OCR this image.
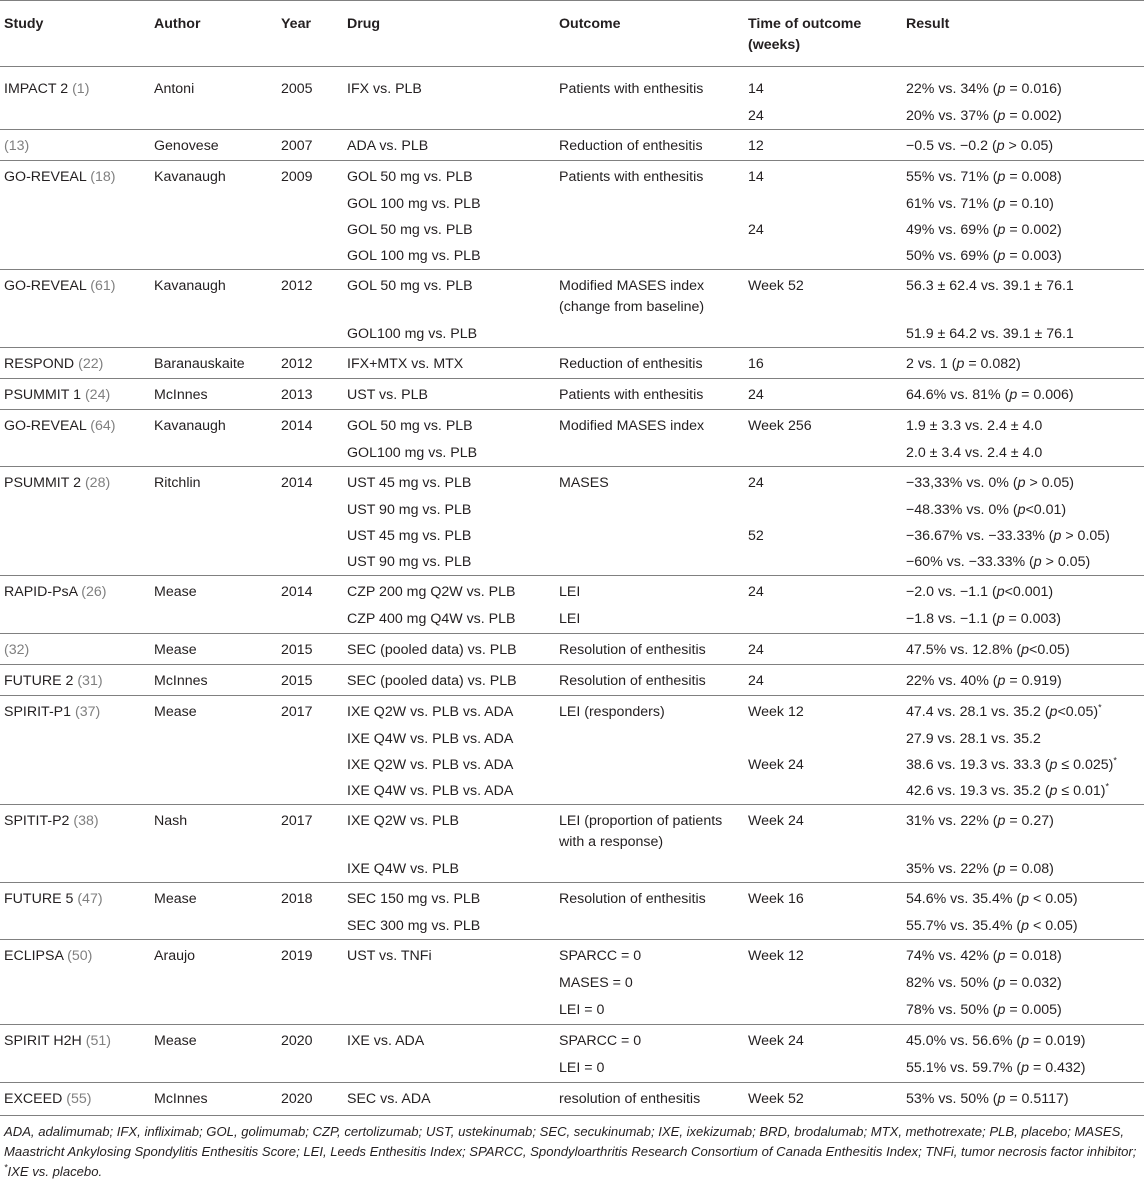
Study	Author	Year	Drug	Outcome	Time of outcome (weeks)	Result
IMPACT 2 (1)	Antoni	2005	IFX vs. PLB	Patients with enthesitis	14	22% vs. 34% (p = 0.016)
					24	20% vs. 37% (p = 0.002)
(13)	Genovese	2007	ADA vs. PLB	Reduction of enthesitis	12	−0.5 vs. −0.2 (p > 0.05)
GO-REVEAL (18)	Kavanaugh	2009	GOL 50 mg vs. PLB	Patients with enthesitis	14	55% vs. 71% (p = 0.008)
			GOL 100 mg vs. PLB			61% vs. 71% (p = 0.10)
			GOL 50 mg vs. PLB		24	49% vs. 69% (p = 0.002)
			GOL 100 mg vs. PLB			50% vs. 69% (p = 0.003)
GO-REVEAL (61)	Kavanaugh	2012	GOL 50 mg vs. PLB	Modified MASES index (change from baseline)	Week 52	56.3 ± 62.4 vs. 39.1 ± 76.1
			GOL100 mg vs. PLB			51.9 ± 64.2 vs. 39.1 ± 76.1
RESPOND (22)	Baranauskaite	2012	IFX+MTX vs. MTX	Reduction of enthesitis	16	2 vs. 1 (p = 0.082)
PSUMMIT 1 (24)	McInnes	2013	UST vs. PLB	Patients with enthesitis	24	64.6% vs. 81% (p = 0.006)
GO-REVEAL (64)	Kavanaugh	2014	GOL 50 mg vs. PLB	Modified MASES index	Week 256	1.9 ± 3.3 vs. 2.4 ± 4.0
			GOL100 mg vs. PLB			2.0 ± 3.4 vs. 2.4 ± 4.0
PSUMMIT 2 (28)	Ritchlin	2014	UST 45 mg vs. PLB	MASES	24	−33,33% vs. 0% (p > 0.05)
			UST 90 mg vs. PLB			−48.33% vs. 0% (p<0.01)
			UST 45 mg vs. PLB		52	−36.67% vs. −33.33% (p > 0.05)
			UST 90 mg vs. PLB			−60% vs. −33.33% (p > 0.05)
RAPID-PsA (26)	Mease	2014	CZP 200 mg Q2W vs. PLB	LEI	24	−2.0 vs. −1.1 (p<0.001)
			CZP 400 mg Q4W vs. PLB	LEI		−1.8 vs. −1.1 (p = 0.003)
(32)	Mease	2015	SEC (pooled data) vs. PLB	Resolution of enthesitis	24	47.5% vs. 12.8% (p<0.05)
FUTURE 2 (31)	McInnes	2015	SEC (pooled data) vs. PLB	Resolution of enthesitis	24	22% vs. 40% (p = 0.919)
SPIRIT-P1 (37)	Mease	2017	IXE Q2W vs. PLB vs. ADA	LEI (responders)	Week 12	47.4 vs. 28.1 vs. 35.2 (p<0.05)*
			IXE Q4W vs. PLB vs. ADA			27.9 vs. 28.1 vs. 35.2
			IXE Q2W vs. PLB vs. ADA		Week 24	38.6 vs. 19.3 vs. 33.3 (p ≤ 0.025)*
			IXE Q4W vs. PLB vs. ADA			42.6 vs. 19.3 vs. 35.2 (p ≤ 0.01)*
SPITIT-P2 (38)	Nash	2017	IXE Q2W vs. PLB	LEI (proportion of patients with a response)	Week 24	31% vs. 22% (p = 0.27)
			IXE Q4W vs. PLB			35% vs. 22% (p = 0.08)
FUTURE 5 (47)	Mease	2018	SEC 150 mg vs. PLB	Resolution of enthesitis	Week 16	54.6% vs. 35.4% (p < 0.05)
			SEC 300 mg vs. PLB			55.7% vs. 35.4% (p < 0.05)
ECLIPSA (50)	Araujo	2019	UST vs. TNFi	SPARCC = 0	Week 12	74% vs. 42% (p = 0.018)
				MASES = 0		82% vs. 50% (p = 0.032)
				LEI = 0		78% vs. 50% (p = 0.005)
SPIRIT H2H (51)	Mease	2020	IXE vs. ADA	SPARCC = 0	Week 24	45.0% vs. 56.6% (p = 0.019)
				LEI = 0		55.1% vs. 59.7% (p = 0.432)
EXCEED (55)	McInnes	2020	SEC vs. ADA	resolution of enthesitis	Week 52	53% vs. 50% (p = 0.5117)
ADA, adalimumab; IFX, infliximab; GOL, golimumab; CZP, certolizumab; UST, ustekinumab; SEC, secukinumab; IXE, ixekizumab; BRD, brodalumab; MTX, methotrexate; PLB, placebo; MASES, Maastricht Ankylosing Spondylitis Enthesitis Score; LEI, Leeds Enthesitis Index; SPARCC, Spondyloarthritis Research Consortium of Canada Enthesitis Index; TNFi, tumor necrosis factor inhibitor; *IXE vs. placebo.
